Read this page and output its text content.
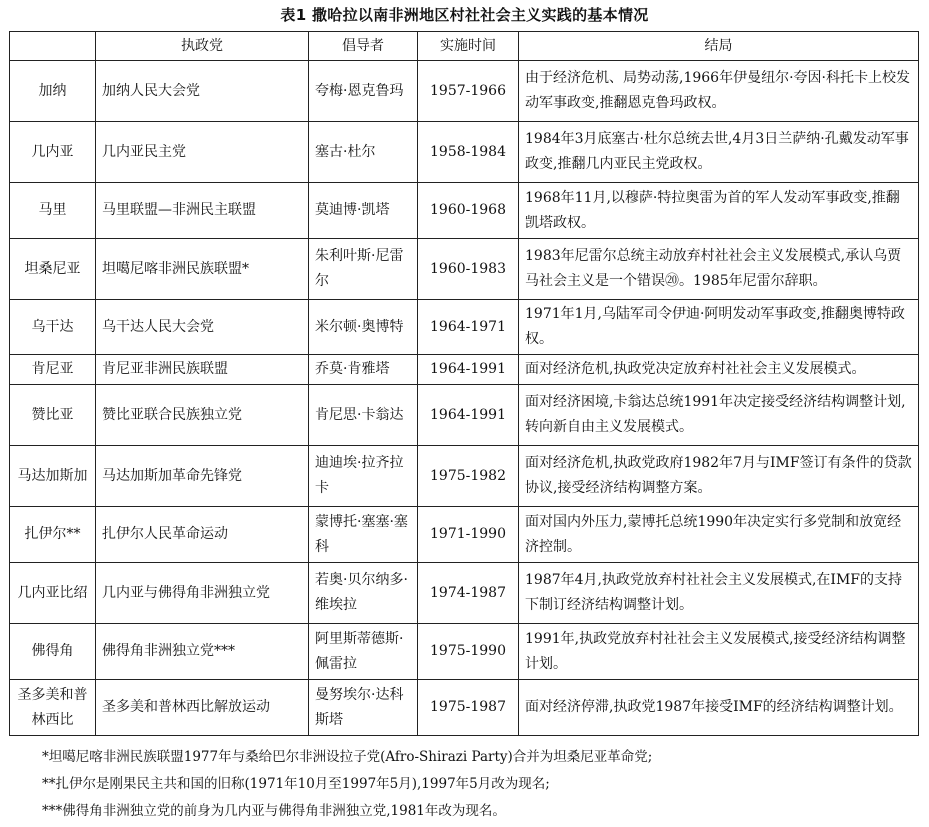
表1 撒哈拉以南非洲地区村社社会主义实践的基本情况
	执政党	倡导者	实施时间	结局
加纳	加纳人民大会党	夸梅·恩克鲁玛	1957-1966	由于经济危机、局势动荡,1966年伊曼纽尔·夸因·科托卡上校发动军事政变,推翻恩克鲁玛政权。
几内亚	几内亚民主党	塞古·杜尔	1958-1984	1984年3月底塞古·杜尔总统去世,4月3日兰萨纳·孔戴发动军事政变,推翻几内亚民主党政权。
马里	马里联盟—非洲民主联盟	莫迪博·凯塔	1960-1968	1968年11月,以穆萨·特拉奥雷为首的军人发动军事政变,推翻凯塔政权。
坦桑尼亚	坦噶尼喀非洲民族联盟*	朱利叶斯·尼雷尔	1960-1983	1983年尼雷尔总统主动放弃村社社会主义发展模式,承认乌贾马社会主义是一个错误⑳。1985年尼雷尔辞职。
乌干达	乌干达人民大会党	米尔顿·奥博特	1964-1971	1971年1月,乌陆军司令伊迪·阿明发动军事政变,推翻奥博特政权。
肯尼亚	肯尼亚非洲民族联盟	乔莫·肯雅塔	1964-1991	面对经济危机,执政党决定放弃村社社会主义发展模式。
赞比亚	赞比亚联合民族独立党	肯尼思·卡翁达	1964-1991	面对经济困境,卡翁达总统1991年决定接受经济结构调整计划,转向新自由主义发展模式。
马达加斯加	马达加斯加革命先锋党	迪迪埃·拉齐拉卡	1975-1982	面对经济危机,执政党政府1982年7月与IMF签订有条件的贷款协议,接受经济结构调整方案。
扎伊尔**	扎伊尔人民革命运动	蒙博托·塞塞·塞科	1971-1990	面对国内外压力,蒙博托总统1990年决定实行多党制和放宽经济控制。
几内亚比绍	几内亚与佛得角非洲独立党	若奥·贝尔纳多·维埃拉	1974-1987	1987年4月,执政党放弃村社社会主义发展模式,在IMF的支持下制订经济结构调整计划。
佛得角	佛得角非洲独立党***	阿里斯蒂德斯·佩雷拉	1975-1990	1991年,执政党放弃村社社会主义发展模式,接受经济结构调整计划。
圣多美和普林西比	圣多美和普林西比解放运动	曼努埃尔·达科斯塔	1975-1987	面对经济停滞,执政党1987年接受IMF的经济结构调整计划。
*坦噶尼喀非洲民族联盟1977年与桑给巴尔非洲设拉子党(Afro-Shirazi Party)合并为坦桑尼亚革命党;
**扎伊尔是刚果民主共和国的旧称(1971年10月至1997年5月),1997年5月改为现名;
***佛得角非洲独立党的前身为几内亚与佛得角非洲独立党,1981年改为现名。
